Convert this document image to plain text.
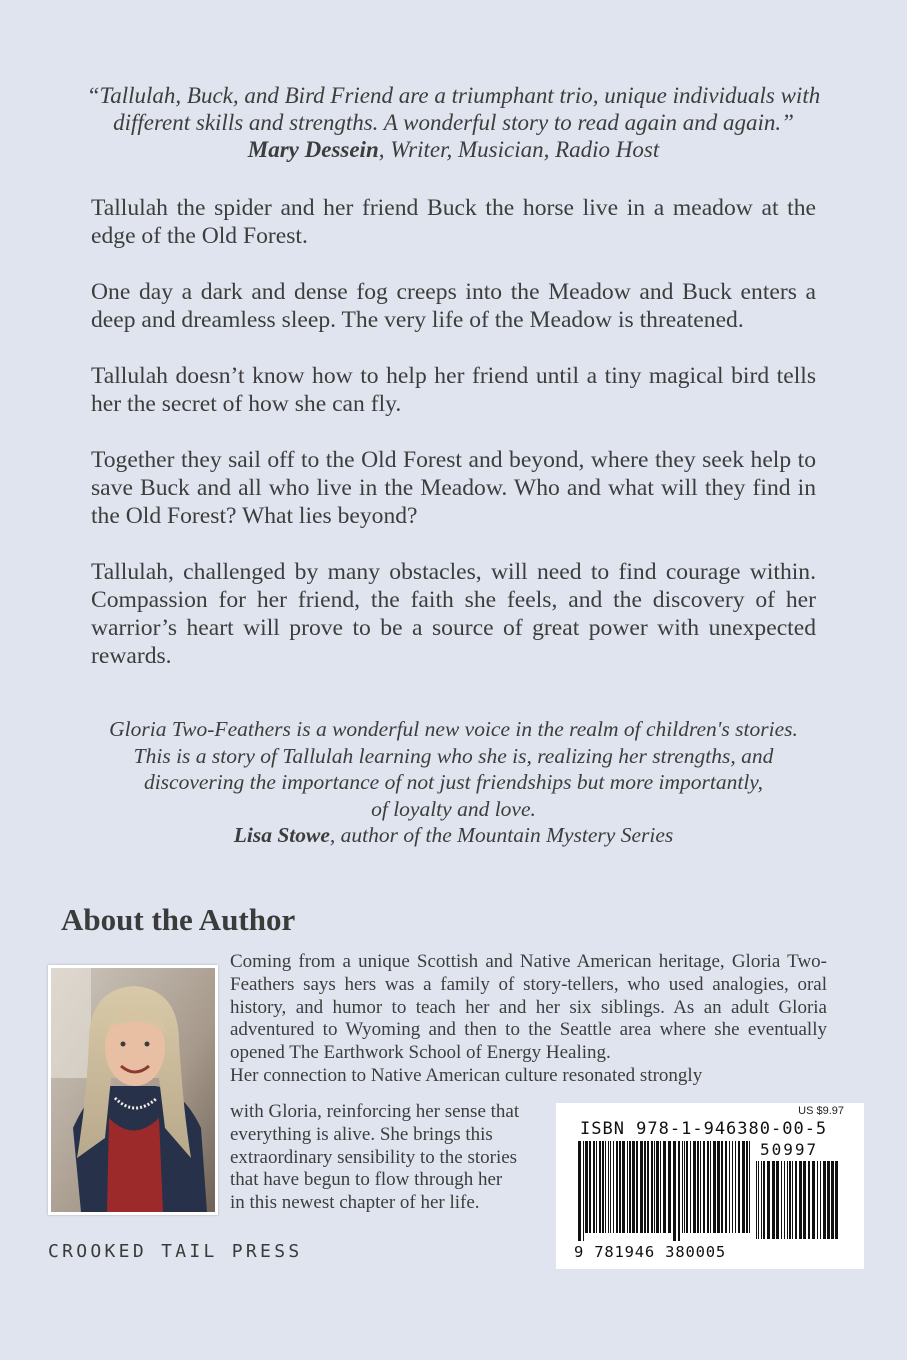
“Tallulah, Buck, and Bird Friend are a triumphant trio, unique individuals with
different skills and strengths. A wonderful story to read again and again.”
Mary Dessein, Writer, Musician, Radio Host

Tallulah the spider and her friend Buck the horse live in a meadow at the edge of the Old Forest.

One day a dark and dense fog creeps into the Meadow and Buck enters a deep and dreamless sleep. The very life of the Meadow is threatened.

Tallulah doesn’t know how to help her friend until a tiny magical bird tells her the secret of how she can fly.

Together they sail off to the Old Forest and beyond, where they seek help to save Buck and all who live in the Meadow. Who and what will they find in the Old Forest? What lies beyond?

Tallulah, challenged by many obstacles, will need to find courage within. Compassion for her friend, the faith she feels, and the discovery of her warrior’s heart will prove to be a source of great power with unexpected rewards.

Gloria Two-Feathers is a wonderful new voice in the realm of children's stories.
This is a story of Tallulah learning who she is, realizing her strengths, and
discovering the importance of not just friendships but more importantly,
of loyalty and love.
Lisa Stowe, author of the Mountain Mystery Series
About the Author
Coming from a unique Scottish and Native American heritage, Gloria Two-Feathers says hers was a family of story-tellers, who used analogies, oral history, and humor to teach her and her six siblings. As an adult Gloria adventured to Wyoming and then to the Seattle area where she eventually opened The Earthwork School of Energy Healing.
Her connection to Native American culture resonated strongly
with Gloria, reinforcing her sense that
everything is alive. She brings this
extraordinary sensibility to the stories
that have begun to flow through her
in this newest chapter of her life.
CROOKED TAIL PRESS
US $9.97
ISBN 978-1-946380-00-5
50997
9 781946 380005
